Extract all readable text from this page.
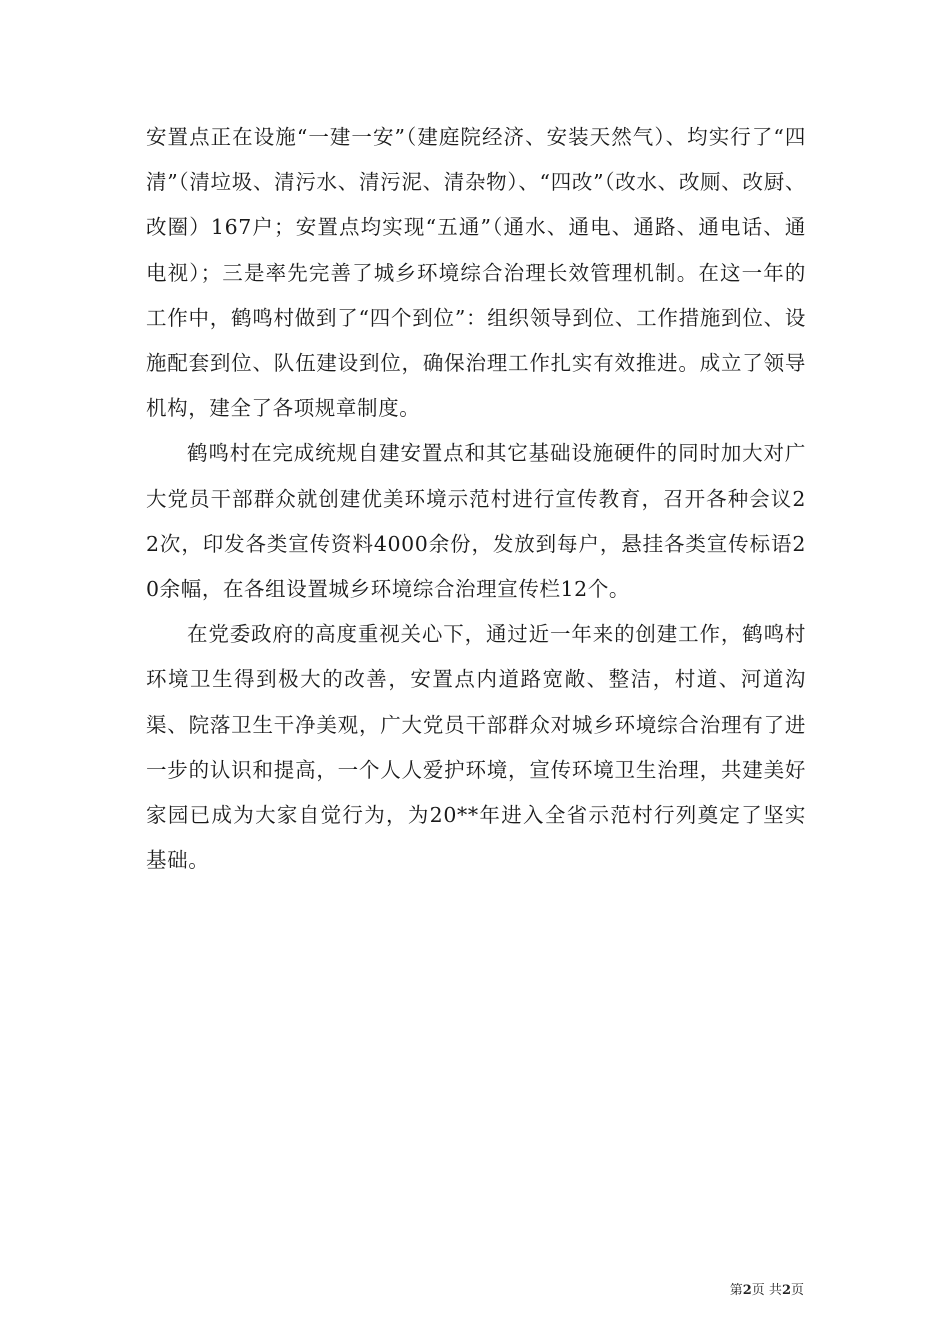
安置点正在设施“一建一安”（建庭院经济、安装天然气）、均实行了“四清”（清垃圾、清污水、清污泥、清杂物）、“四改”（改水、改厕、改厨、改圈）167户；安置点均实现“五通”（通水、通电、通路、通电话、通电视）；三是率先完善了城乡环境综合治理长效管理机制。在这一年的工作中，鹤鸣村做到了“四个到位”：组织领导到位、工作措施到位、设施配套到位、队伍建设到位，确保治理工作扎实有效推进。成立了领导机构，建全了各项规章制度。

鹤鸣村在完成统规自建安置点和其它基础设施硬件的同时加大对广大党员干部群众就创建优美环境示范村进行宣传教育，召开各种会议22次，印发各类宣传资料4000余份，发放到每户，悬挂各类宣传标语20余幅，在各组设置城乡环境综合治理宣传栏12个。

在党委政府的高度重视关心下，通过近一年来的创建工作，鹤鸣村环境卫生得到极大的改善，安置点内道路宽敞、整洁，村道、河道沟渠、院落卫生干净美观，广大党员干部群众对城乡环境综合治理有了进一步的认识和提高，一个人人爱护环境，宣传环境卫生治理，共建美好家园已成为大家自觉行为，为20**年进入全省示范村行列奠定了坚实基础。

第2页 共2页
